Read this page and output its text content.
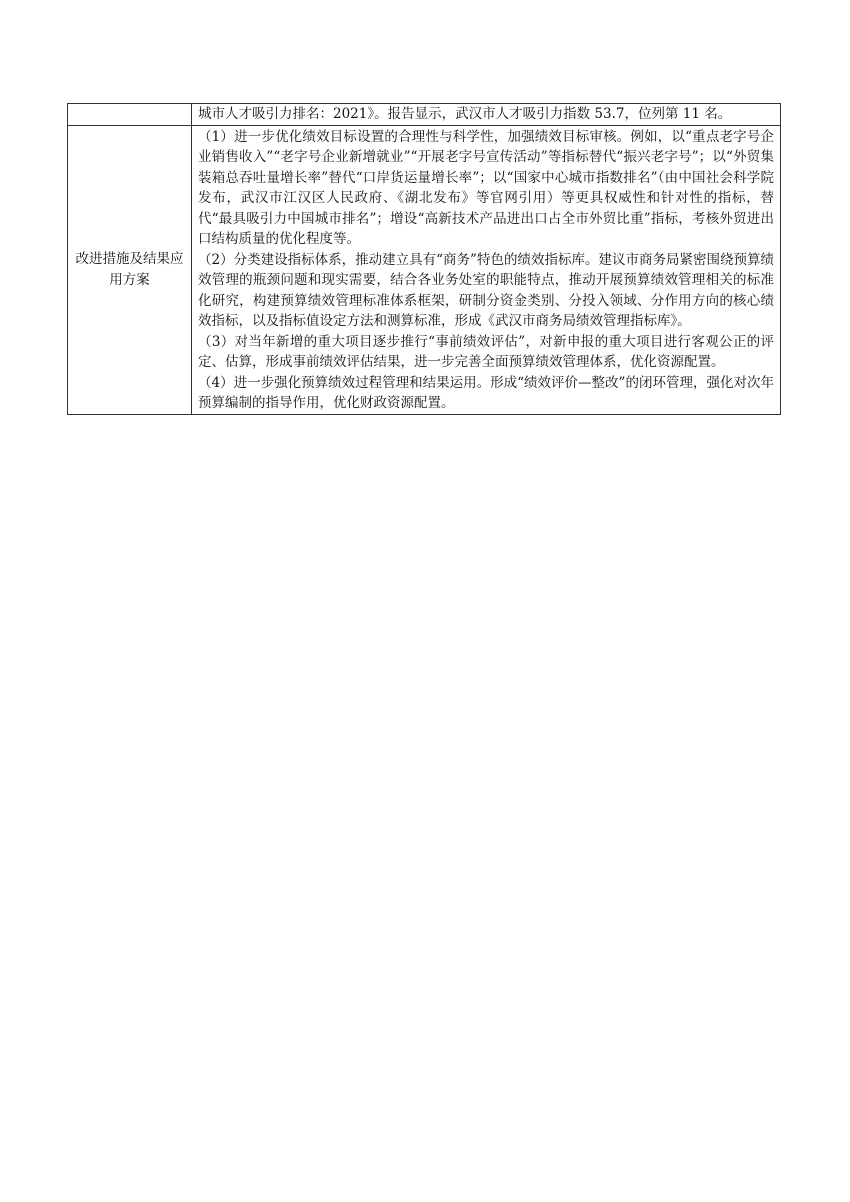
	城市人才吸引力排名：2021》。报告显示，武汉市人才吸引力指数 53.7，位列第 11 名。

改进措施及结果应用方案	（1）进一步优化绩效目标设置的合理性与科学性，加强绩效目标审核。例如，以“重点老字号企业销售收入”“老字号企业新增就业”“开展老字号宣传活动”等指标替代“振兴老字号”；以“外贸集装箱总吞吐量增长率”替代“口岸货运量增长率”；以“国家中心城市指数排名”（由中国社会科学院发布，武汉市江汉区人民政府、《湖北发布》等官网引用）等更具权威性和针对性的指标，替代“最具吸引力中国城市排名”；增设“高新技术产品进出口占全市外贸比重”指标，考核外贸进出口结构质量的优化程度等。

（2）分类建设指标体系，推动建立具有“商务”特色的绩效指标库。建议市商务局紧密围绕预算绩效管理的瓶颈问题和现实需要，结合各业务处室的职能特点，推动开展预算绩效管理相关的标准化研究，构建预算绩效管理标准体系框架，研制分资金类别、分投入领域、分作用方向的核心绩效指标，以及指标值设定方法和测算标准，形成《武汉市商务局绩效管理指标库》。

（3）对当年新增的重大项目逐步推行“事前绩效评估”，对新申报的重大项目进行客观公正的评定、估算，形成事前绩效评估结果，进一步完善全面预算绩效管理体系，优化资源配置。

（4）进一步强化预算绩效过程管理和结果运用。形成“绩效评价—整改”的闭环管理，强化对次年预算编制的指导作用，优化财政资源配置。
